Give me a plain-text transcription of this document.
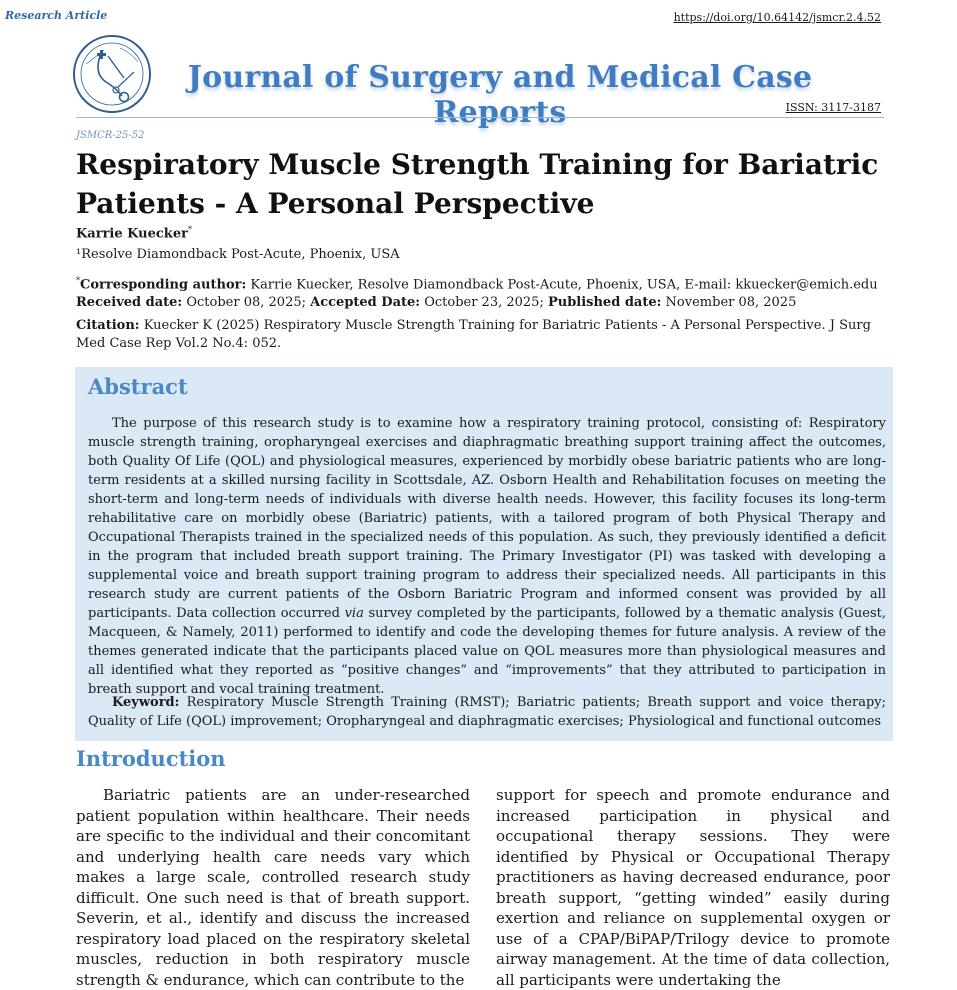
Research Article	https://doi.org/10.64142/jsmcr.2.4.52
Journal of Surgery and Medical Case Reports	ISSN: 3117-3187
JSMCR-25-52
Respiratory Muscle Strength Training for Bariatric Patients - A Personal Perspective
Karrie Kuecker*
¹Resolve Diamondback Post-Acute, Phoenix, USA
*Corresponding author: Karrie Kuecker, Resolve Diamondback Post-Acute, Phoenix, USA, E-mail: kkuecker@emich.edu
Received date: October 08, 2025; Accepted Date: October 23, 2025; Published date: November 08, 2025
Citation: Kuecker K (2025) Respiratory Muscle Strength Training for Bariatric Patients - A Personal Perspective. J Surg Med Case Rep Vol.2 No.4: 052.
Abstract
The purpose of this research study is to examine how a respiratory training protocol, consisting of: Respiratory muscle strength training, oropharyngeal exercises and diaphragmatic breathing support training affect the outcomes, both Quality Of Life (QOL) and physiological measures, experienced by morbidly obese bariatric patients who are long-term residents at a skilled nursing facility in Scottsdale, AZ. Osborn Health and Rehabilitation focuses on meeting the short-term and long-term needs of individuals with diverse health needs. However, this facility focuses its long-term rehabilitative care on morbidly obese (Bariatric) patients, with a tailored program of both Physical Therapy and Occupational Therapists trained in the specialized needs of this population. As such, they previously identified a deficit in the program that included breath support training. The Primary Investigator (PI) was tasked with developing a supplemental voice and breath support training program to address their specialized needs. All participants in this research study are current patients of the Osborn Bariatric Program and informed consent was provided by all participants. Data collection occurred via survey completed by the participants, followed by a thematic analysis (Guest, Macqueen, & Namely, 2011) performed to identify and code the developing themes for future analysis. A review of the themes generated indicate that the participants placed value on QOL measures more than physiological measures and all identified what they reported as “positive changes” and “improvements” that they attributed to participation in breath support and vocal training treatment.
Keyword: Respiratory Muscle Strength Training (RMST); Bariatric patients; Breath support and voice therapy; Quality of Life (QOL) improvement; Oropharyngeal and diaphragmatic exercises; Physiological and functional outcomes
Introduction
Bariatric patients are an under-researched patient population within healthcare. Their needs are specific to the individual and their concomitant and underlying health care needs vary which makes a large scale, controlled research study difficult. One such need is that of breath support. Severin, et al., identify and discuss the increased respiratory load placed on the respiratory skeletal muscles, reduction in both respiratory muscle strength & endurance, which can contribute to the
support for speech and promote endurance and increased participation in physical and occupational therapy sessions. They were identified by Physical or Occupational Therapy practitioners as having decreased endurance, poor breath support, “getting winded” easily during exertion and reliance on supplemental oxygen or use of a CPAP/BiPAP/Trilogy device to promote airway management. At the time of data collection, all participants were undertaking the
